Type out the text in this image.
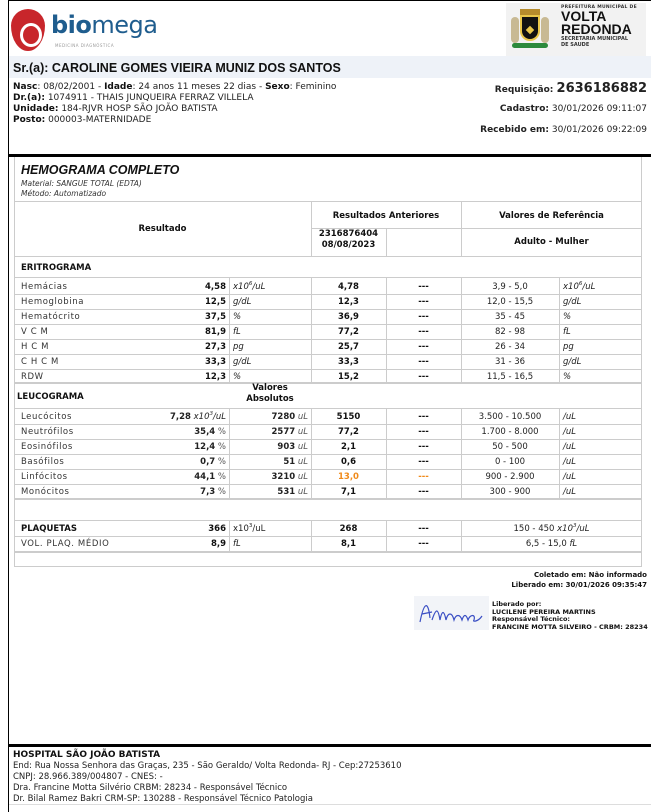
biomega
MEDICINA DIAGNÓSTICA
PREFEITURA MUNICIPAL DE
VOLTA
REDONDA
SECRETARIA MUNICIPAL
DE SAUDE
Sr.(a): CAROLINE GOMES VIEIRA MUNIZ DOS SANTOS
Nasc: 08/02/2001 - Idade: 24 anos 11 meses 22 dias - Sexo: Feminino
Dr.(a): 1074911 - THAIS JUNQUEIRA FERRAZ VILLELA
Unidade: 184-RJVR HOSP SÃO JOÃO BATISTA
Posto: 000003-MATERNIDADE
Requisição: 2636186882
Cadastro: 30/01/2026 09:11:07
Recebido em: 30/01/2026 09:22:09
HEMOGRAMA COMPLETO
Material: SANGUE TOTAL (EDTA)
Método: Automatizado
Resultado
Resultados Anteriores	Valores de Referência
2316876404
08/08/2023	Adulto - Mulher
ERITROGRAMA
Hemácias	4,58 $x10^6/uL$	4,78	---	3,9 - 5,0	$x10^6/uL$
Hemoglobina	12,5 g/dL	12,3	---	12,0 - 15,5	g/dL
Hematócrito	37,5 %	36,9	---	35 - 45	%
V C M	81,9 fL	77,2	---	82 - 98	fL
H C M	27,3 pg	25,7	---	26 - 34	pg
C H C M	33,3 g/dL	33,3	---	31 - 36	g/dL
RDW	12,3 %	15,2	---	11,5 - 16,5	%
LEUCOGRAMA
Valores
Absolutos
Leucócitos	7,28 $x10^3/uL$	7280 uL	5150	---	3.500 - 10.500	/uL
Neutrófilos	35,4 %	2577 uL	77,2	---	1.700 - 8.000	/uL
Eosinófilos	12,4 %	903 uL	2,1	---	50 - 500	/uL
Basófilos	0,7 %	51 uL	0,6	---	0 - 100	/uL
Linfócitos	44,1 %	3210 uL	13,0	---	900 - 2.900	/uL
Monócitos	7,3 %	531 uL	7,1	---	300 - 900	/uL
PLAQUETAS	366 $x10^3/uL$	268	---	150 - 450 $x10^3/uL$
VOL. PLAQ. MÉDIO	8,9 fL	8,1	---	6,5 - 15,0 fL
Coletado em: Não informado
Liberado em: 30/01/2026 09:35:47
Liberado por:
LUCILENE PEREIRA MARTINS
Responsável Técnico:
FRANCINE MOTTA SILVEIRO - CRBM: 28234
HOSPITAL SÃO JOÃO BATISTA
End: Rua Nossa Senhora das Graças, 235 - São Geraldo/ Volta Redonda- RJ - Cep:27253610
CNPJ: 28.966.389/004807 - CNES: -
Dra. Francine Motta Silvério CRBM: 28234 - Responsável Técnico
Dr. Bilal Ramez Bakri CRM-SP: 130288 - Responsável Técnico Patologia
